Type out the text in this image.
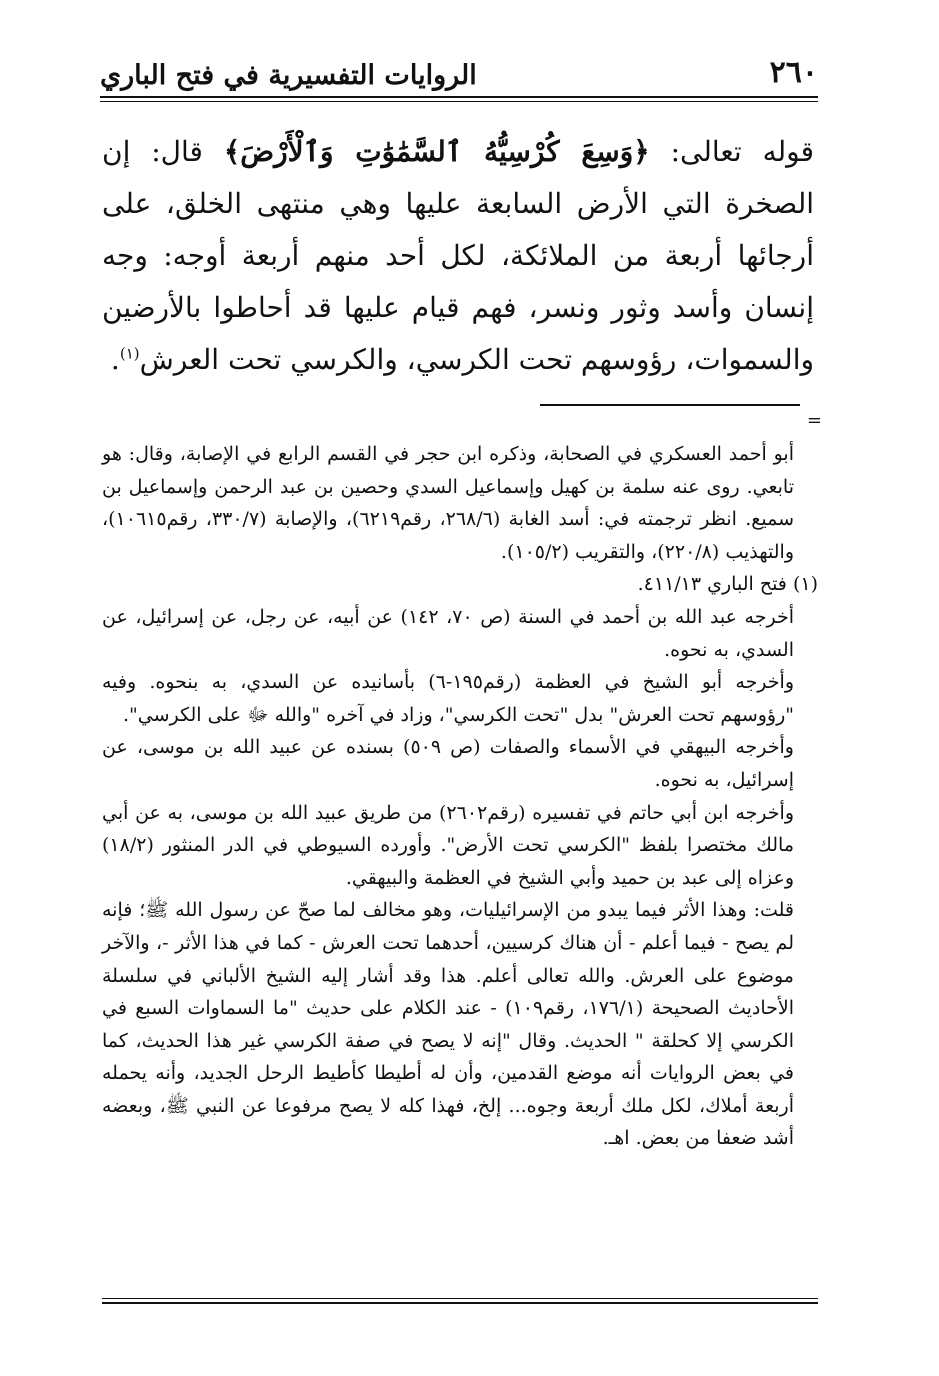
٢٦٠
الروايات التفسيرية في فتح الباري

قوله تعالى: ﴿وَسِعَ كُرْسِيُّهُ ٱلسَّمَٰوَٰتِ وَٱلْأَرْضَ﴾ قال: إن الصخرة التي الأرض السابعة عليها وهي منتهى الخلق، على أرجائها أربعة من الملائكة، لكل أحد منهم أربعة أوجه: وجه إنسان وأسد وثور ونسر، فهم قيام عليها قد أحاطوا بالأرضين والسموات، رؤوسهم تحت الكرسي، والكرسي تحت العرش$^{(١)}$.

=

أبو أحمد العسكري في الصحابة، وذكره ابن حجر في القسم الرابع في الإصابة، وقال: هو تابعي. روى عنه سلمة بن كهيل وإسماعيل السدي وحصين بن عبد الرحمن وإسماعيل بن سميع. انظر ترجمته في: أسد الغابة (٢٦٨/٦، رقم٦٢١٩)، والإصابة (٣٣٠/٧، رقم١٠٦١٥)، والتهذيب (٢٢٠/٨)، والتقريب (١٠٥/٢).

(١) فتح الباري ٤١١/١٣.

أخرجه عبد الله بن أحمد في السنة (ص ٧٠، ١٤٢) عن أبيه، عن رجل، عن إسرائيل، عن السدي، به نحوه.

وأخرجه أبو الشيخ في العظمة (رقم١٩٥-٦) بأسانيده عن السدي، به بنحوه. وفيه "رؤوسهم تحت العرش" بدل "تحت الكرسي"، وزاد في آخره "والله ﷻ على الكرسي".

وأخرجه البيهقي في الأسماء والصفات (ص ٥٠٩) بسنده عن عبيد الله بن موسى، عن إسرائيل، به نحوه.

وأخرجه ابن أبي حاتم في تفسيره (رقم٢٦٠٢) من طريق عبيد الله بن موسى، به عن أبي مالك مختصرا بلفظ "الكرسي تحت الأرض". وأورده السيوطي في الدر المنثور (١٨/٢) وعزاه إلى عبد بن حميد وأبي الشيخ في العظمة والبيهقي.

قلت: وهذا الأثر فيما يبدو من الإسرائيليات، وهو مخالف لما صحّ عن رسول الله ﷺ؛ فإنه لم يصح - فيما أعلم - أن هناك كرسيين، أحدهما تحت العرش - كما في هذا الأثر -، والآخر موضوع على العرش. والله تعالى أعلم. هذا وقد أشار إليه الشيخ الألباني في سلسلة الأحاديث الصحيحة (١٧٦/١، رقم١٠٩) - عند الكلام على حديث "ما السماوات السبع في الكرسي إلا كحلقة " الحديث. وقال "إنه لا يصح في صفة الكرسي غير هذا الحديث، كما في بعض الروايات أنه موضع القدمين، وأن له أطيطا كأطيط الرحل الجديد، وأنه يحمله أربعة أملاك، لكل ملك أربعة وجوه... إلخ، فهذا كله لا يصح مرفوعا عن النبي ﷺ، وبعضه أشد ضعفا من بعض. اهـ.
